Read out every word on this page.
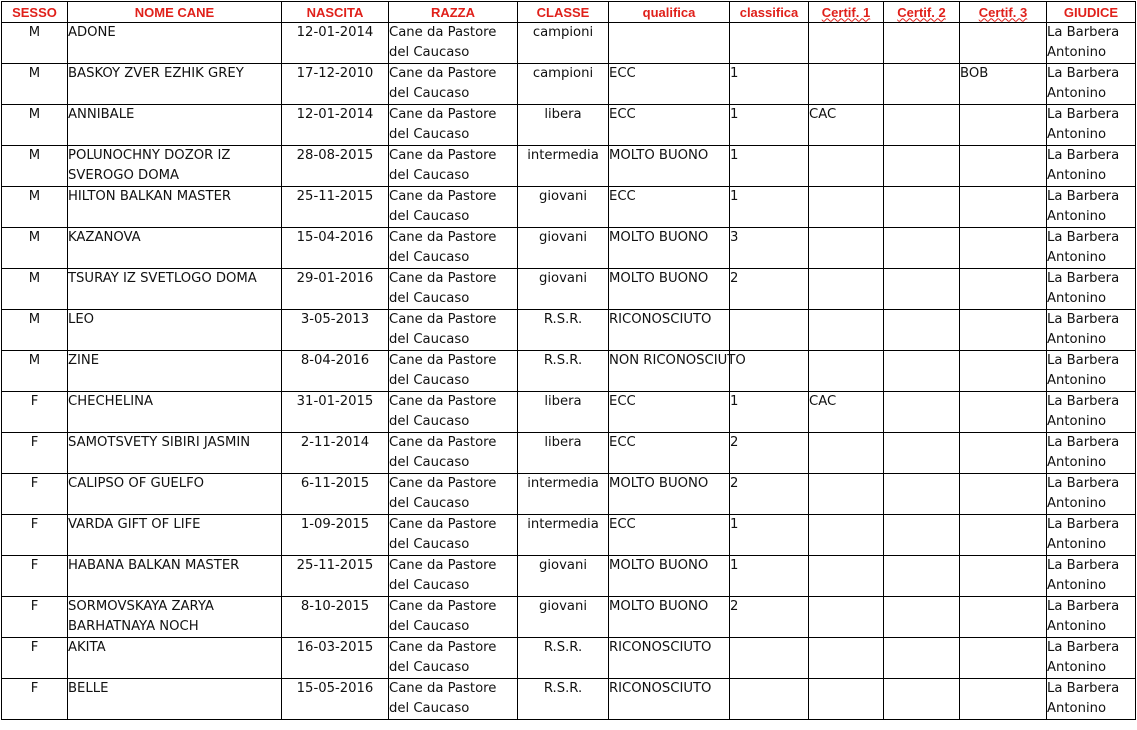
SESSO	NOME CANE	NASCITA	RAZZA	CLASSE	qualifica	classifica	Certif. 1	Certif. 2	Certif. 3	GIUDICE
M	ADONE	12-01-2014	Cane da Pastore del Caucaso	campioni						La Barbera Antonino
M	BASKOY ZVER EZHIK GREY	17-12-2010	Cane da Pastore del Caucaso	campioni	ECC	1			BOB	La Barbera Antonino
M	ANNIBALE	12-01-2014	Cane da Pastore del Caucaso	libera	ECC	1	CAC			La Barbera Antonino
M	POLUNOCHNY DOZOR IZ SVEROGO DOMA	28-08-2015	Cane da Pastore del Caucaso	intermedia	MOLTO BUONO	1				La Barbera Antonino
M	HILTON BALKAN MASTER	25-11-2015	Cane da Pastore del Caucaso	giovani	ECC	1				La Barbera Antonino
M	KAZANOVA	15-04-2016	Cane da Pastore del Caucaso	giovani	MOLTO BUONO	3				La Barbera Antonino
M	TSURAY IZ SVETLOGO DOMA	29-01-2016	Cane da Pastore del Caucaso	giovani	MOLTO BUONO	2				La Barbera Antonino
M	LEO	3-05-2013	Cane da Pastore del Caucaso	R.S.R.	RICONOSCIUTO					La Barbera Antonino
M	ZINE	8-04-2016	Cane da Pastore del Caucaso	R.S.R.	NON RICONOSCIUTO					La Barbera Antonino
F	CHECHELINA	31-01-2015	Cane da Pastore del Caucaso	libera	ECC	1	CAC			La Barbera Antonino
F	SAMOTSVETY SIBIRI JASMIN	2-11-2014	Cane da Pastore del Caucaso	libera	ECC	2				La Barbera Antonino
F	CALIPSO OF GUELFO	6-11-2015	Cane da Pastore del Caucaso	intermedia	MOLTO BUONO	2				La Barbera Antonino
F	VARDA GIFT OF LIFE	1-09-2015	Cane da Pastore del Caucaso	intermedia	ECC	1				La Barbera Antonino
F	HABANA BALKAN MASTER	25-11-2015	Cane da Pastore del Caucaso	giovani	MOLTO BUONO	1				La Barbera Antonino
F	SORMOVSKAYA ZARYA BARHATNAYA NOCH	8-10-2015	Cane da Pastore del Caucaso	giovani	MOLTO BUONO	2				La Barbera Antonino
F	AKITA	16-03-2015	Cane da Pastore del Caucaso	R.S.R.	RICONOSCIUTO					La Barbera Antonino
F	BELLE	15-05-2016	Cane da Pastore del Caucaso	R.S.R.	RICONOSCIUTO					La Barbera Antonino
